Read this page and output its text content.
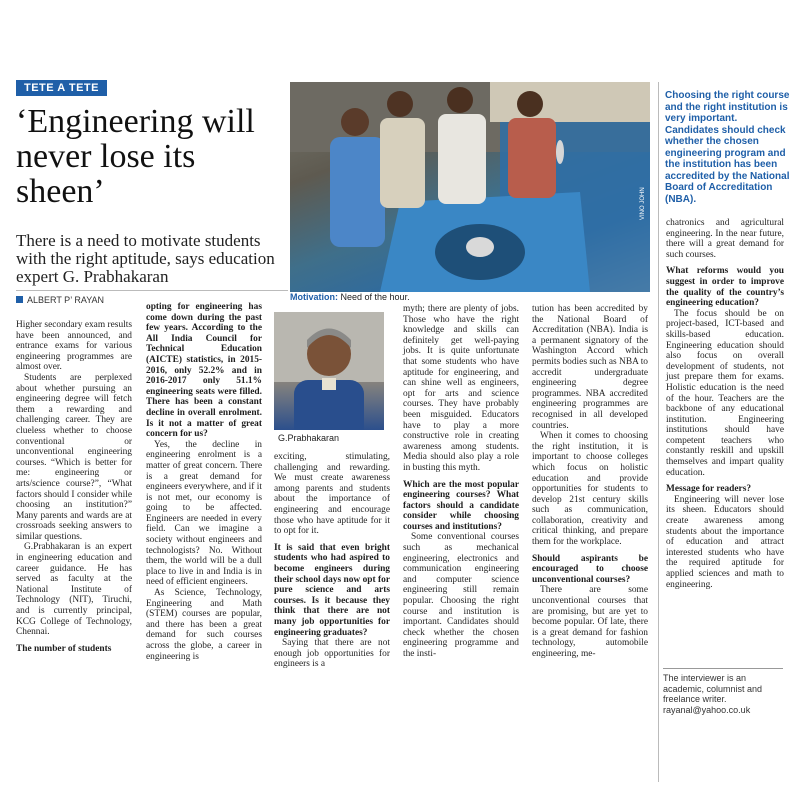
TETE A TETE
‘Engineering will never lose its sheen’
There is a need to motivate students with the right aptitude, says education expert G. Prabhakaran
ALBERT P’ RAYAN
VINO JOHN
Motivation: Need of the hour.
Choosing the right course and the right institution is very important. Candidates should check whether the chosen engineering program and the institution has been accredited by the National Board of Accreditation (NBA).

Higher secondary exam results have been announced, and entrance exams for various engineering programmes are almost over.

Students are perplexed about whether pursuing an engineering degree will fetch them a rewarding and challenging career. They are clueless whether to choose conventional or unconventional engineering courses. “Which is better for me: engineering or arts/science course?”, “What factors should I consider while choosing an institution?” Many parents and wards are at crossroads seeking answers to similar questions.

G.Prabhakaran is an expert in engineering education and career guidance. He has served as faculty at the National Institute of Technology (NIT), Tiruchi, and is currently principal, KCG College of Technology, Chennai.

The number of students

opting for engineering has come down during the past few years. According to the All India Council for Technical Education (AICTE) statistics, in 2015-2016, only 52.2% and in 2016-2017 only 51.1% engineering seats were filled. There has been a constant decline in overall enrolment. Is it not a matter of great concern for us?

Yes, the decline in engineering enrolment is a matter of great concern. There is a great demand for engineers everywhere, and if it is not met, our economy is going to be affected. Engineers are needed in every field. Can we imagine a society without engineers and technologists? No. Without them, the world will be a dull place to live in and India is in need of efficient engineers.

As Science, Technology, Engineering and Math (STEM) courses are popular, and there has been a great demand for such courses across the globe, a career in engineering is

G.Prabhakaran

exciting, stimulating, challenging and rewarding. We must create awareness among parents and students about the importance of engineering and encourage those who have aptitude for it to opt for it.

It is said that even bright students who had aspired to become engineers during their school days now opt for pure science and arts courses. Is it because they think that there are not many job opportunities for engineering graduates?

Saying that there are not enough job opportunities for engineers is a

myth; there are plenty of jobs. Those who have the right knowledge and skills can definitely get well-paying jobs. It is quite unfortunate that some students who have aptitude for engineering, and can shine well as engineers, opt for arts and science courses. They have probably been misguided. Educators have to play a more constructive role in creating awareness among students. Media should also play a role in busting this myth.

Which are the most popular engineering courses? What factors should a candidate consider while choosing courses and institutions?

Some conventional courses such as mechanical engineering, electronics and communication engineering and computer science engineering still remain popular. Choosing the right course and institution is important. Candidates should check whether the chosen engineering programme and the insti-

tution has been accredited by the National Board of Accreditation (NBA). India is a permanent signatory of the Washington Accord which permits bodies such as NBA to accredit undergraduate engineering degree programmes. NBA accredited engineering programmes are recognised in all developed countries.

When it comes to choosing the right institution, it is important to choose colleges which focus on holistic education and provide opportunities for students to develop 21st century skills such as communication, collaboration, creativity and critical thinking, and prepare them for the workplace.

Should aspirants be encouraged to choose unconventional courses?

There are some unconventional courses that are promising, but are yet to become popular. Of late, there is a great demand for fashion technology, automobile engineering, me-

chatronics and agricultural engineering. In the near future, there will a great demand for such courses.

What reforms would you suggest in order to improve the quality of the country’s engineering education?

The focus should be on project-based, ICT-based and skills-based education. Engineering education should also focus on overall development of students, not just prepare them for exams. Holistic education is the need of the hour. Teachers are the backbone of any educational institution. Engineering institutions should have competent teachers who constantly reskill and upskill themselves and impart quality education.

Message for readers?

Engineering will never lose its sheen. Educators should create awareness among students about the importance of education and attract interested students who have the required aptitude for applied sciences and math to engineering.

The interviewer is an academic, columnist and freelance writer.
rayanal@yahoo.co.uk
